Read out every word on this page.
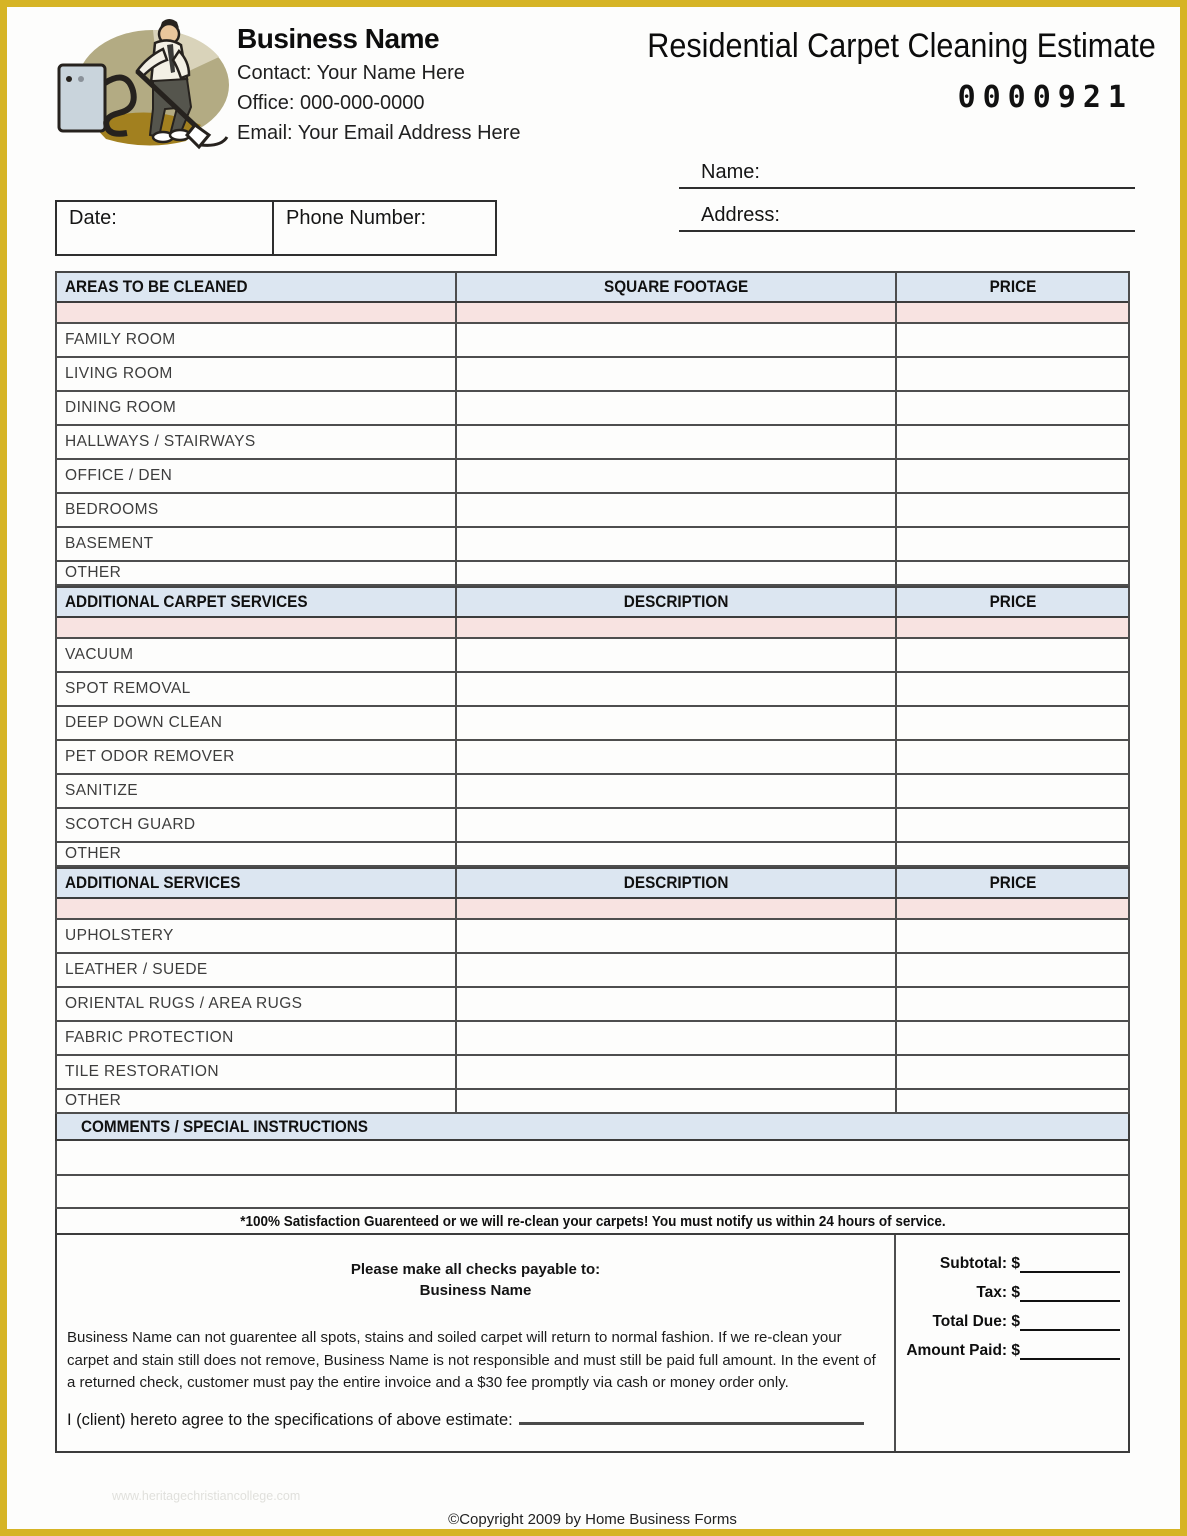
Business Name
Contact: Your Name Here
Office: 000-000-0000
Email: Your Email Address Here
Residential Carpet Cleaning Estimate
0000921
Name:
Address:
Date:	Phone Number:
AREAS TO BE CLEANED	SQUARE FOOTAGE	PRICE
FAMILY ROOM
LIVING ROOM
DINING ROOM
HALLWAYS / STAIRWAYS
OFFICE / DEN
BEDROOMS
BASEMENT
OTHER
ADDITIONAL CARPET SERVICES	DESCRIPTION	PRICE
VACUUM
SPOT REMOVAL
DEEP DOWN CLEAN
PET ODOR REMOVER
SANITIZE
SCOTCH GUARD
OTHER
ADDITIONAL SERVICES	DESCRIPTION	PRICE
UPHOLSTERY
LEATHER / SUEDE
ORIENTAL RUGS / AREA RUGS
FABRIC PROTECTION
TILE RESTORATION
OTHER
COMMENTS / SPECIAL INSTRUCTIONS
*100% Satisfaction Guarenteed or we will re-clean your carpets! You must notify us within 24 hours of service.
Please make all checks payable to:
Business Name
Business Name can not guarentee all spots, stains and soiled carpet will return to normal fashion. If we re-clean your carpet and stain still does not remove, Business Name is not responsible and must still be paid full amount. In the event of a returned check, customer must pay the entire invoice and a $30 fee promptly via cash or money order only.
I (client) hereto agree to the specifications of above estimate:
Subtotal: $
Tax: $
Total Due: $
Amount Paid: $
©Copyright 2009 by Home Business Forms
www.heritagechristiancollege.com
